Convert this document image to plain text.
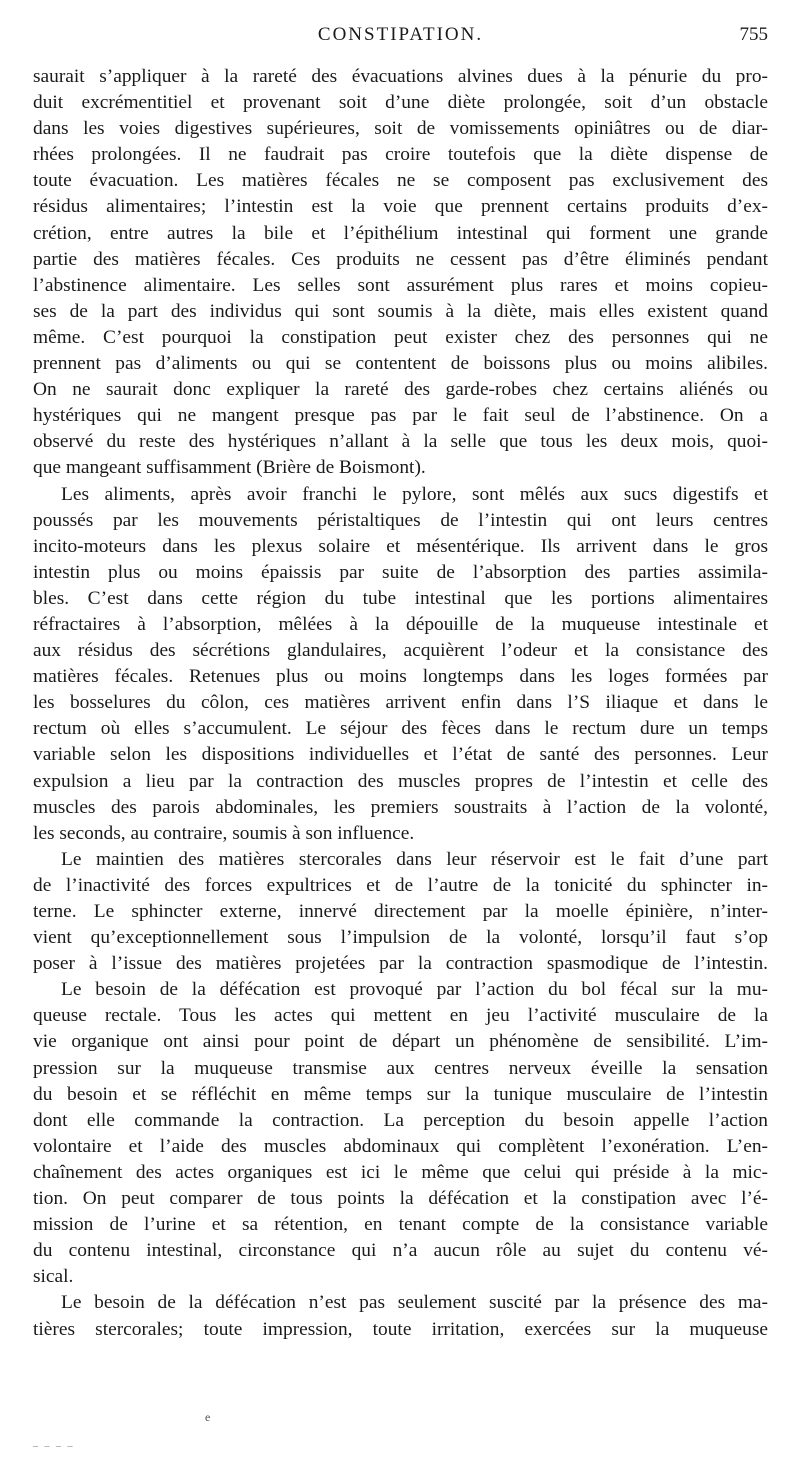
CONSTIPATION.	755
saurait s’appliquer à la rareté des évacuations alvines dues à la pénurie du pro-
duit excrémentitiel et provenant soit d’une diète prolongée, soit d’un obstacle
dans les voies digestives supérieures, soit de vomissements opiniâtres ou de diar-
rhées prolongées. Il ne faudrait pas croire toutefois que la diète dispense de
toute évacuation. Les matières fécales ne se composent pas exclusivement des
résidus alimentaires; l’intestin est la voie que prennent certains produits d’ex-
crétion, entre autres la bile et l’épithélium intestinal qui forment une grande
partie des matières fécales. Ces produits ne cessent pas d’être éliminés pendant
l’abstinence alimentaire. Les selles sont assurément plus rares et moins copieu-
ses de la part des individus qui sont soumis à la diète, mais elles existent quand
même. C’est pourquoi la constipation peut exister chez des personnes qui ne
prennent pas d’aliments ou qui se contentent de boissons plus ou moins alibiles.
On ne saurait donc expliquer la rareté des garde-robes chez certains aliénés ou
hystériques qui ne mangent presque pas par le fait seul de l’abstinence. On a
observé du reste des hystériques n’allant à la selle que tous les deux mois, quoi-
que mangeant suffisamment (Brière de Boismont).
Les aliments, après avoir franchi le pylore, sont mêlés aux sucs digestifs et
poussés par les mouvements péristaltiques de l’intestin qui ont leurs centres
incito-moteurs dans les plexus solaire et mésentérique. Ils arrivent dans le gros
intestin plus ou moins épaissis par suite de l’absorption des parties assimila-
bles. C’est dans cette région du tube intestinal que les portions alimentaires
réfractaires à l’absorption, mêlées à la dépouille de la muqueuse intestinale et
aux résidus des sécrétions glandulaires, acquièrent l’odeur et la consistance des
matières fécales. Retenues plus ou moins longtemps dans les loges formées par
les bosselures du côlon, ces matières arrivent enfin dans l’S iliaque et dans le
rectum où elles s’accumulent. Le séjour des fèces dans le rectum dure un temps
variable selon les dispositions individuelles et l’état de santé des personnes. Leur
expulsion a lieu par la contraction des muscles propres de l’intestin et celle des
muscles des parois abdominales, les premiers soustraits à l’action de la volonté,
les seconds, au contraire, soumis à son influence.
Le maintien des matières stercorales dans leur réservoir est le fait d’une part
de l’inactivité des forces expultrices et de l’autre de la tonicité du sphincter in-
terne. Le sphincter externe, innervé directement par la moelle épinière, n’inter-
vient qu’exceptionnellement sous l’impulsion de la volonté, lorsqu’il faut s’op
poser à l’issue des matières projetées par la contraction spasmodique de l’intestin.
Le besoin de la défécation est provoqué par l’action du bol fécal sur la mu-
queuse rectale. Tous les actes qui mettent en jeu l’activité musculaire de la
vie organique ont ainsi pour point de départ un phénomène de sensibilité. L’im-
pression sur la muqueuse transmise aux centres nerveux éveille la sensation
du besoin et se réfléchit en même temps sur la tunique musculaire de l’intestin
dont elle commande la contraction. La perception du besoin appelle l’action
volontaire et l’aide des muscles abdominaux qui complètent l’exonération. L’en-
chaînement des actes organiques est ici le même que celui qui préside à la mic-
tion. On peut comparer de tous points la défécation et la constipation avec l’é-
mission de l’urine et sa rétention, en tenant compte de la consistance variable
du contenu intestinal, circonstance qui n’a aucun rôle au sujet du contenu vé-
sical.
Le besoin de la défécation n’est pas seulement suscité par la présence des ma-
tières stercorales; toute impression, toute irritation, exercées sur la muqueuse
e
– – – –
